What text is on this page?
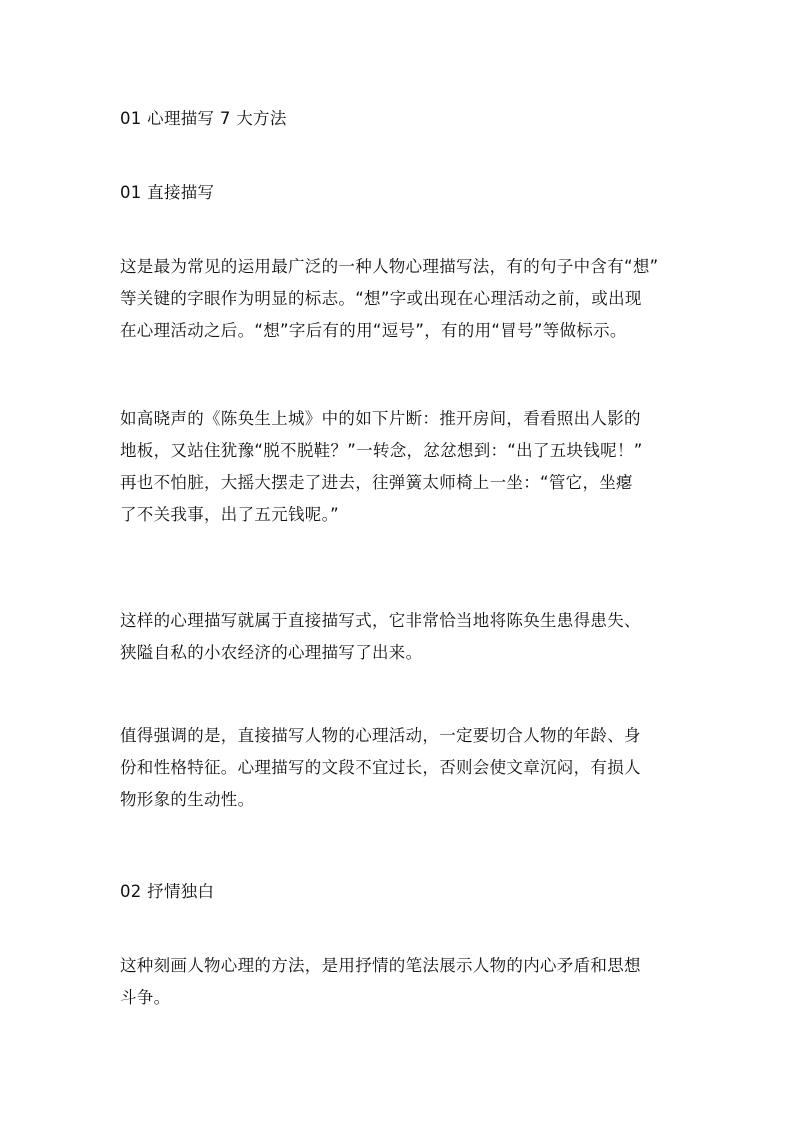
01 心理描写 7 大方法

01 直接描写

这是最为常见的运用最广泛的一种人物心理描写法，有的句子中含有“想”
等关键的字眼作为明显的标志。“想”字或出现在心理活动之前，或出现
在心理活动之后。“想”字后有的用“逗号”，有的用“冒号”等做标示。

如高晓声的《陈奂生上城》中的如下片断：推开房间，看看照出人影的
地板，又站住犹豫“脱不脱鞋？”一转念，忿忿想到：“出了五块钱呢！”
再也不怕脏，大摇大摆走了进去，往弹簧太师椅上一坐：“管它，坐瘪
了不关我事，出了五元钱呢。”

这样的心理描写就属于直接描写式，它非常恰当地将陈奂生患得患失、
狭隘自私的小农经济的心理描写了出来。

值得强调的是，直接描写人物的心理活动，一定要切合人物的年龄、身
份和性格特征。心理描写的文段不宜过长，否则会使文章沉闷，有损人
物形象的生动性。

02 抒情独白

这种刻画人物心理的方法，是用抒情的笔法展示人物的内心矛盾和思想
斗争。
